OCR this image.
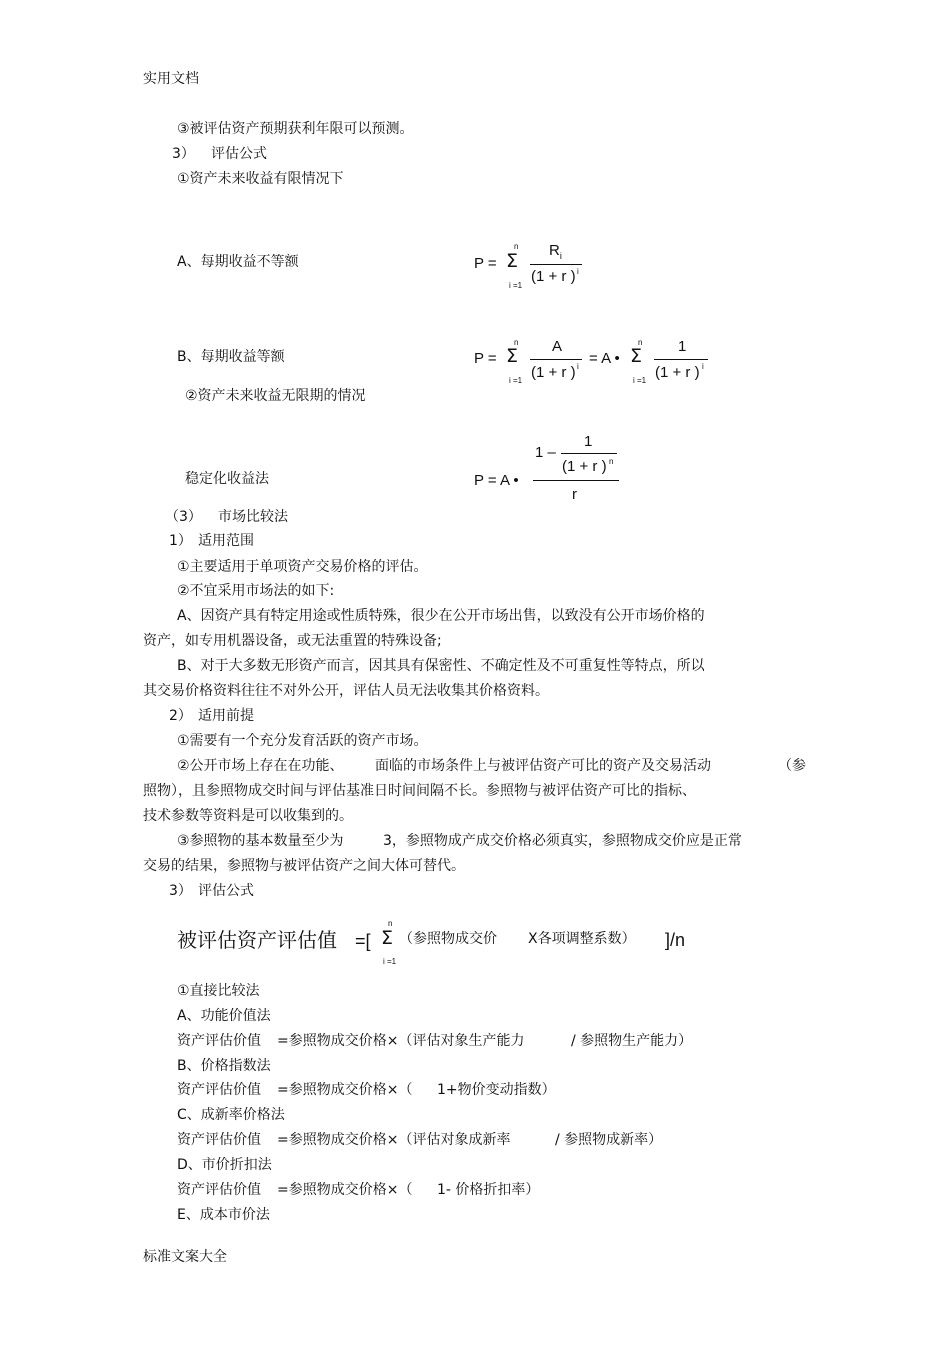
实用文档
③被评估资产预期获利年限可以预测。
3） 评估公式
①资产未来收益有限情况下
A、每期收益不等额	P =
n
Σ
i =1
$R_i$
(1 + r ) i
B、每期收益等额	P =
n
Σ
i =1
A
(1 + r ) i = A •
n
Σ
i =1
1
(1 + r ) i
②资产未来收益无限期的情况
稳定化收益法	P = A •
1 –
1
(1 + r ) n
r
（3） 市场比较法
1） 适用范围
①主要适用于单项资产交易价格的评估。
②不宜采用市场法的如下:
A、因资产具有特定用途或性质特殊，很少在公开市场出售，以致没有公开市场价格的
资产，如专用机器设备，或无法重置的特殊设备;
B、对于大多数无形资产而言，因其具有保密性、不确定性及不可重复性等特点，所以
其交易价格资料往往不对外公开，评估人员无法收集其价格资料。
2） 适用前提
①需要有一个充分发育活跃的资产市场。
②公开市场上存在在功能、 面临的市场条件上与被评估资产可比的资产及交易活动	（参
照物），且参照物成交时间与评估基准日时间间隔不长。参照物与被评估资产可比的指标、
技术参数等资料是可以收集到的。
③参照物的基本数量至少为	3，参照物成产成交价格必须真实，参照物成交价应是正常
交易的结果，参照物与被评估资产之间大体可替代。
3） 评估公式
被评估资产评估值 =[
n
Σ
i =1
（参照物成交价 X各项调整系数） ]/n
①直接比较法
A、功能价值法
资产评估价值 =参照物成交价格×（评估对象生产能力	/ 参照物生产能力）
B、价格指数法
资产评估价值 =参照物成交价格×（ 1+物价变动指数）
C、成新率价格法
资产评估价值 =参照物成交价格×（评估对象成新率	/ 参照物成新率）
D、市价折扣法
资产评估价值 =参照物成交价格×（ 1- 价格折扣率）
E、成本市价法
标准文案大全
